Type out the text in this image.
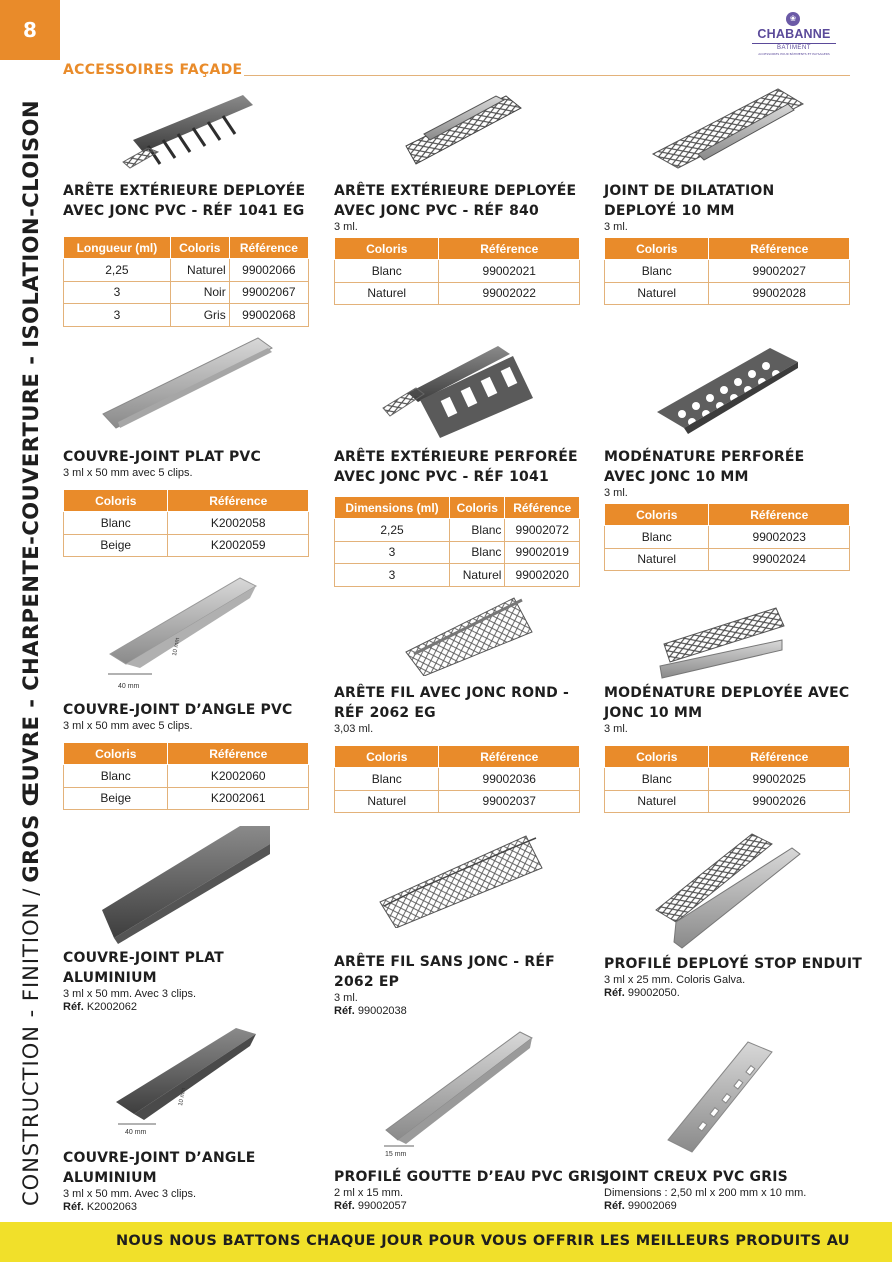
8
CONSTRUCTION - FINITION/GROS ŒUVRE - CHARPENTE-COUVERTURE - ISOLATION-CLOISON
❀
CHABANNE
BATIMENT
ACCESSOIRES POUR BÂTIMENTS ET PAYSAGERS
ACCESSOIRES FAÇADE
ARÊTE EXTÉRIEURE DEPLOYÉE AVEC JONC PVC - RÉF 1041 EG
Longueur (ml)	Coloris	Référence
2,25	Naturel	99002066
3	Noir	99002067
3	Gris	99002068
ARÊTE EXTÉRIEURE DEPLOYÉE AVEC JONC PVC - RÉF 840
3 ml.
Coloris	Référence
Blanc	99002021
Naturel	99002022
JOINT DE DILATATION DEPLOYÉ 10 MM
3 ml.
Coloris	Référence
Blanc	99002027
Naturel	99002028
COUVRE-JOINT PLAT PVC
3 ml x 50 mm avec 5 clips.
Coloris	Référence
Blanc	K2002058
Beige	K2002059
ARÊTE EXTÉRIEURE PERFORÉE AVEC JONC PVC - RÉF 1041
Dimensions (ml)	Coloris	Référence
2,25	Blanc	99002072
3	Blanc	99002019
3	Naturel	99002020
MODÉNATURE PERFORÉE AVEC JONC 10 MM
3 ml.
Coloris	Référence
Blanc	99002023
Naturel	99002024
40 mm
10 mm
COUVRE-JOINT D’ANGLE PVC
3 ml x 50 mm avec 5 clips.
Coloris	Référence
Blanc	K2002060
Beige	K2002061
ARÊTE FIL AVEC JONC ROND - RÉF 2062 EG
3,03 ml.
Coloris	Référence
Blanc	99002036
Naturel	99002037
MODÉNATURE DEPLOYÉE AVEC JONC 10 MM
3 ml.
Coloris	Référence
Blanc	99002025
Naturel	99002026
COUVRE-JOINT PLAT ALUMINIUM
3 ml x 50 mm. Avec 3 clips.
Réf. K2002062
ARÊTE FIL SANS JONC - RÉF 2062 EP
3 ml.
Réf. 99002038
PROFILÉ DEPLOYÉ STOP ENDUIT
3 ml x 25 mm. Coloris Galva.
Réf. 99002050.
40 mm
10 mm
15 mm
COUVRE-JOINT D’ANGLE ALUMINIUM
3 ml x 50 mm. Avec 3 clips.
Réf. K2002063
PROFILÉ GOUTTE D’EAU PVC GRIS
2 ml x 15 mm.
Réf. 99002057
JOINT CREUX PVC GRIS
Dimensions : 2,50 ml x 200 mm x 10 mm.
Réf. 99002069
NOUS NOUS BATTONS CHAQUE JOUR POUR VOUS OFFRIR LES MEILLEURS PRODUITS AU
